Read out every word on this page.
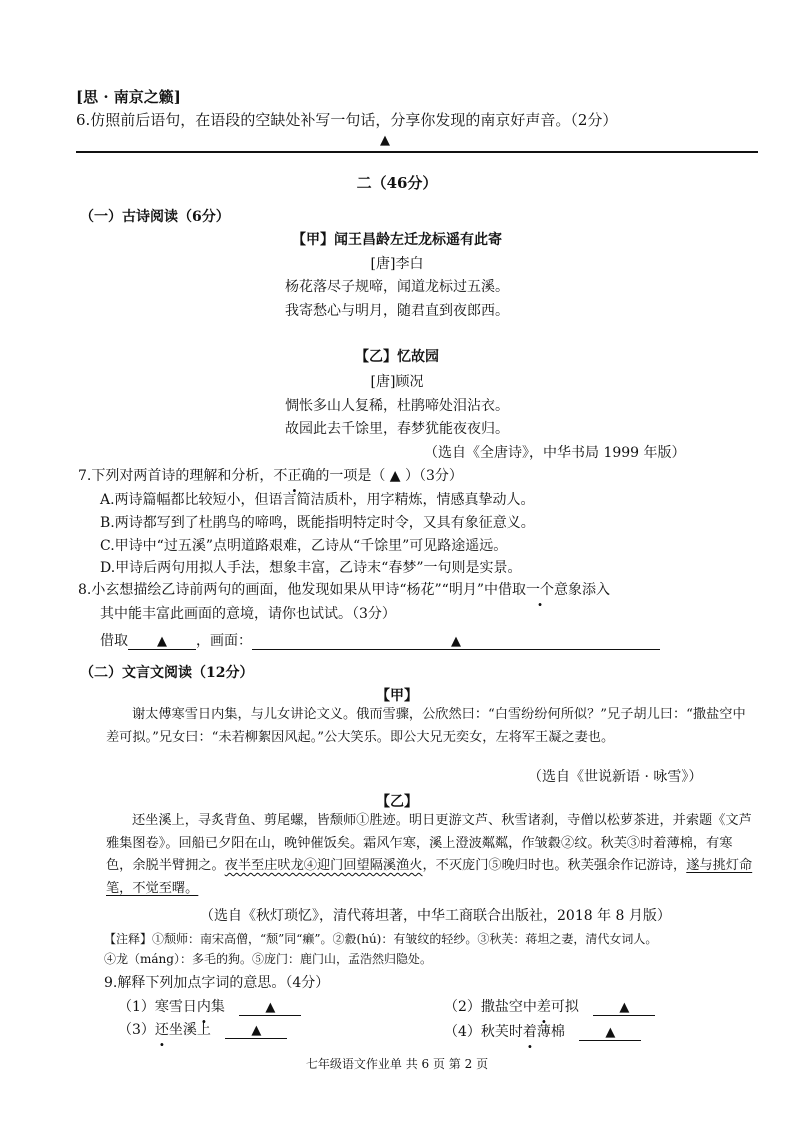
[思 · 南京之籁]
6.仿照前后语句，在语段的空缺处补写一句话，分享你发现的南京好声音。（2分）
▲
二（46分）
（一）古诗阅读（6分）
【甲】闻王昌龄左迁龙标遥有此寄
[唐]李白
杨花落尽子规啼，闻道龙标过五溪。
我寄愁心与明月，随君直到夜郎西。
【乙】忆故园
[唐]顾况
惆怅多山人复稀，杜鹃啼处泪沾衣。
故园此去千馀里，春梦犹能夜夜归。
（选自《全唐诗》，中华书局 1999 年版）
7.下列对两首诗的理解和分析，不正确的一项是（ ▲ ）（3分）
A.两诗篇幅都比较短小，但语言简洁质朴，用字精炼，情感真挚动人。
B.两诗都写到了杜鹃鸟的啼鸣，既能指明特定时令，又具有象征意义。
C.甲诗中“过五溪”点明道路艰难，乙诗从“千馀里”可见路途遥远。
D.甲诗后两句用拟人手法，想象丰富，乙诗末“春梦”一句则是实景。
8.小玄想描绘乙诗前两句的画面，他发现如果从甲诗“杨花”“明月”中借取一个意象添入
其中能丰富此画面的意境，请你也试试。（3分）
借取 ▲ ，画面：	▲
（二）文言文阅读（12分）
【甲】
谢太傅寒雪日内集，与儿女讲论文义。俄而雪骤，公欣然曰：“白雪纷纷何所似？”兄子胡儿曰：“撒盐空中差可拟。”兄女曰：“未若柳絮因风起。”公大笑乐。即公大兄无奕女，左将军王凝之妻也。
（选自《世说新语 · 咏雪》）
【乙】
还坐溪上，寻炙背鱼、剪尾螺，皆颓师①胜迹。明日更游文芦、秋雪诸刹，寺僧以松萝茶进，并索题《文芦雅集图卷》。回船已夕阳在山，晚钟催饭矣。霜风乍寒，溪上澄波粼粼，作皱縠②纹。秋芙③时着薄棉，有寒色，余脱半臂拥之。夜半至庄吠龙④迎门回望隔溪渔火，不灭庞门⑤晚归时也。秋芙强余作记游诗，遂与挑灯命笔，不觉至曙。
（选自《秋灯琐忆》，清代蒋坦著，中华工商联合出版社，2018 年 8 月版）
【注释】①颓师：南宋高僧，“颓”同“癞”。②縠(hú)：有皱纹的轻纱。③秋芙：蒋坦之妻，清代女词人。
④龙（máng）：多毛的狗。⑤庞门：鹿门山，孟浩然归隐处。
9.解释下列加点字词的意思。（4分）
（1）寒雪日内集	▲	（2）撒盐空中差可拟	▲
（3）还坐溪上	▲	（4）秋芙时着薄棉	▲
七年级语文作业单 共 6 页 第 2 页
